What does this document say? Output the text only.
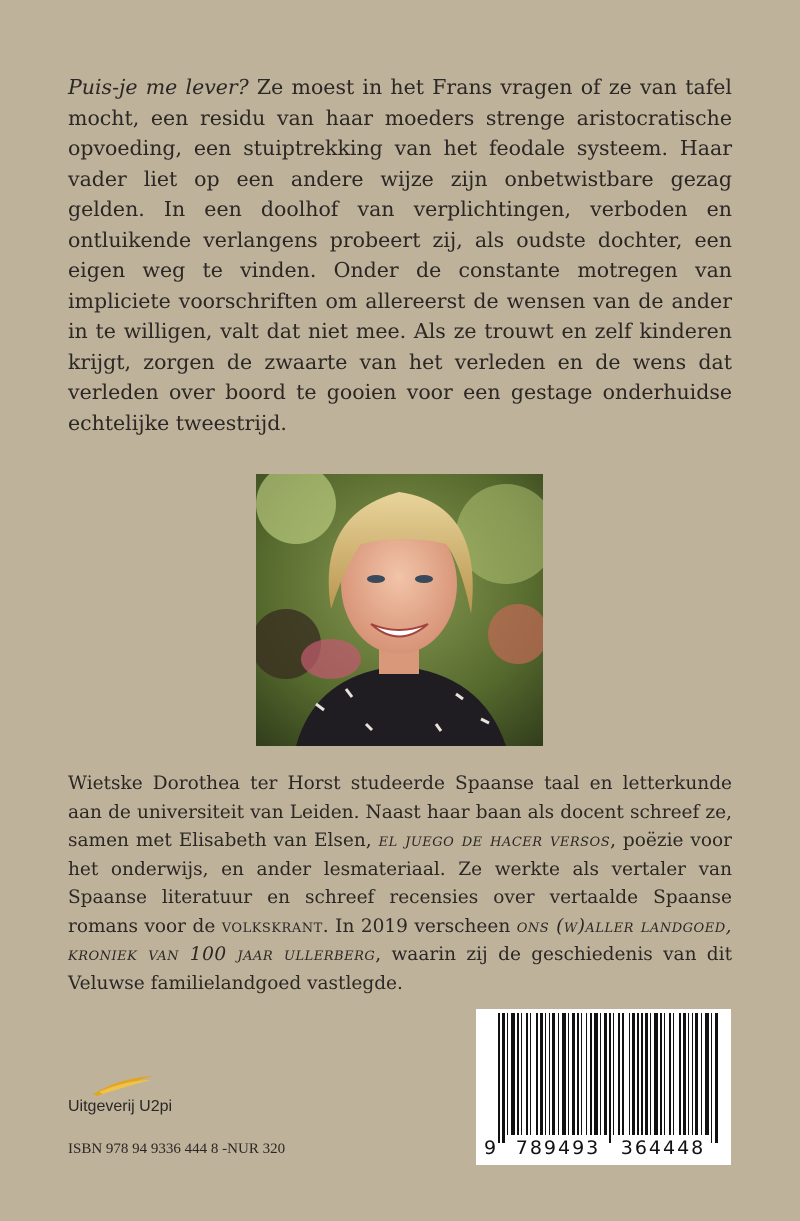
Puis-je me lever? Ze moest in het Frans vragen of ze van tafel mocht, een residu van haar moeders strenge aristocratische opvoeding, een stuiptrekking van het feodale systeem. Haar vader liet op een andere wijze zijn onbetwistbare gezag gelden. In een doolhof van verplichtingen, verboden en ontluikende verlangens probeert zij, als oudste dochter, een eigen weg te vinden. Onder de constante motregen van impliciete voorschriften om allereerst de wensen van de ander in te willigen, valt dat niet mee. Als ze trouwt en zelf kinderen krijgt, zorgen de zwaarte van het verleden en de wens dat verleden over boord te gooien voor een gestage onderhuidse echtelijke tweestrijd.

Wietske Dorothea ter Horst studeerde Spaanse taal en letterkunde aan de universiteit van Leiden. Naast haar baan als docent schreef ze, samen met Elisabeth van Elsen, el juego de hacer versos, poëzie voor het onderwijs, en ander lesmateriaal. Ze werkte als vertaler van Spaanse literatuur en schreef recensies over vertaalde Spaanse romans voor de volkskrant. In 2019 verscheen ons (w)aller landgoed, kroniek van 100 jaar ullerberg, waarin zij de geschiedenis van dit Veluwse familielandgoed vastlegde.

Uitgeverij U2pi
ISBN 978 94 9336 444 8 -NUR 320	9	789493	364448
